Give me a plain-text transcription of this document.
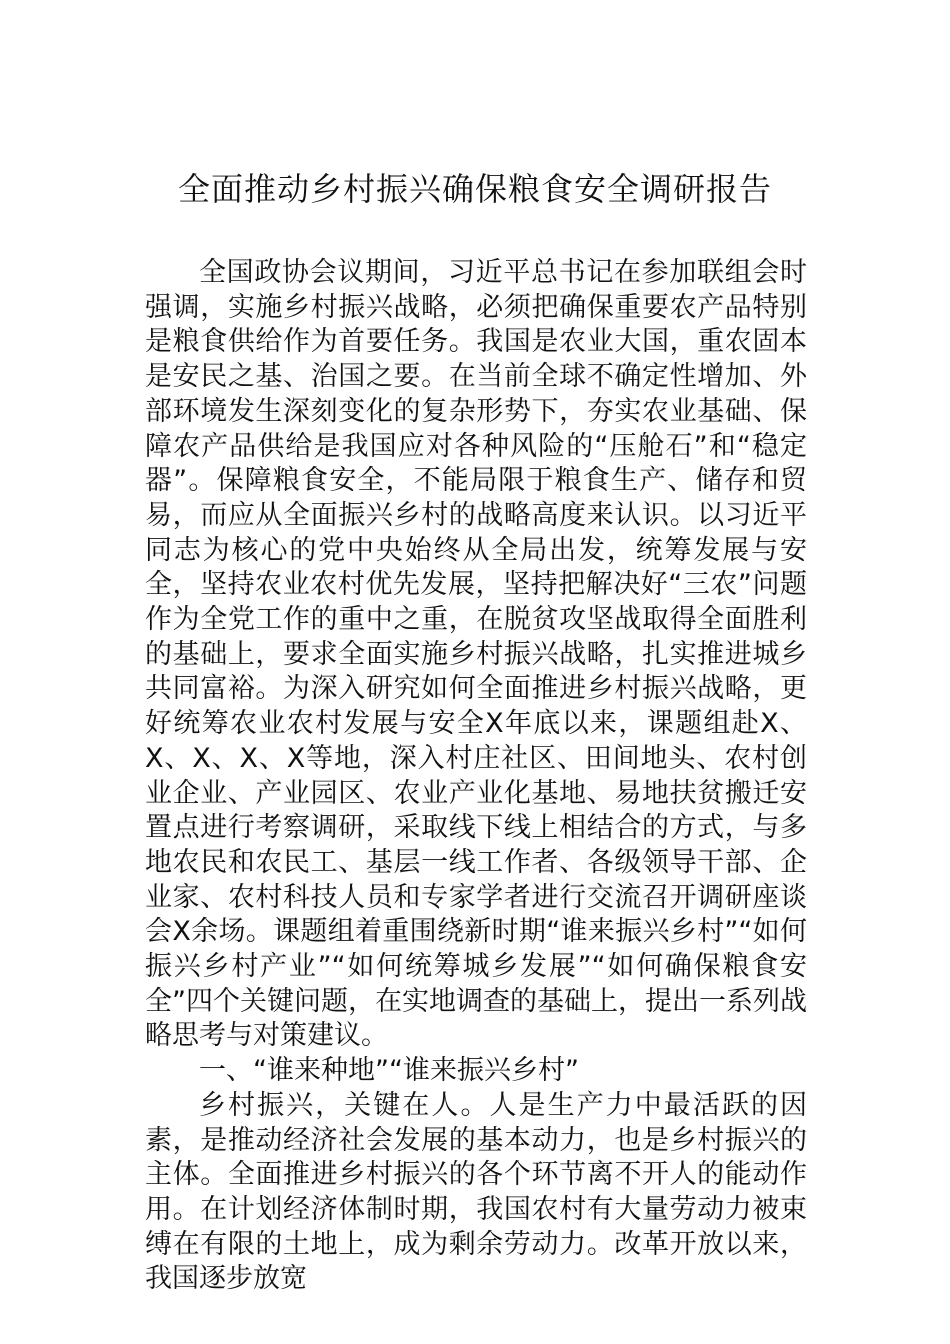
全面推动乡村振兴确保粮食安全调研报告

全国政协会议期间，习近平总书记在参加联组会时强调，实施乡村振兴战略，必须把确保重要农产品特别是粮食供给作为首要任务。我国是农业大国，重农固本是安民之基、治国之要。在当前全球不确定性增加、外部环境发生深刻变化的复杂形势下，夯实农业基础、保障农产品供给是我国应对各种风险的“压舱石”和“稳定器”。保障粮食安全，不能局限于粮食生产、储存和贸易，而应从全面振兴乡村的战略高度来认识。以习近平同志为核心的党中央始终从全局出发，统筹发展与安全，坚持农业农村优先发展，坚持把解决好“三农”问题作为全党工作的重中之重，在脱贫攻坚战取得全面胜利的基础上，要求全面实施乡村振兴战略，扎实推进城乡共同富裕。为深入研究如何全面推进乡村振兴战略，更好统筹农业农村发展与安全X年底以来，课题组赴X、X、X、X、X等地，深入村庄社区、田间地头、农村创业企业、产业园区、农业产业化基地、易地扶贫搬迁安置点进行考察调研，采取线下线上相结合的方式，与多地农民和农民工、基层一线工作者、各级领导干部、企业家、农村科技人员和专家学者进行交流召开调研座谈会X余场。课题组着重围绕新时期“谁来振兴乡村”“如何振兴乡村产业”“如何统筹城乡发展”“如何确保粮食安全”四个关键问题，在实地调查的基础上，提出一系列战略思考与对策建议。

一、“谁来种地”“谁来振兴乡村”

乡村振兴，关键在人。人是生产力中最活跃的因素，是推动经济社会发展的基本动力，也是乡村振兴的主体。全面推进乡村振兴的各个环节离不开人的能动作用。在计划经济体制时期，我国农村有大量劳动力被束缚在有限的土地上，成为剩余劳动力。改革开放以来，我国逐步放宽
